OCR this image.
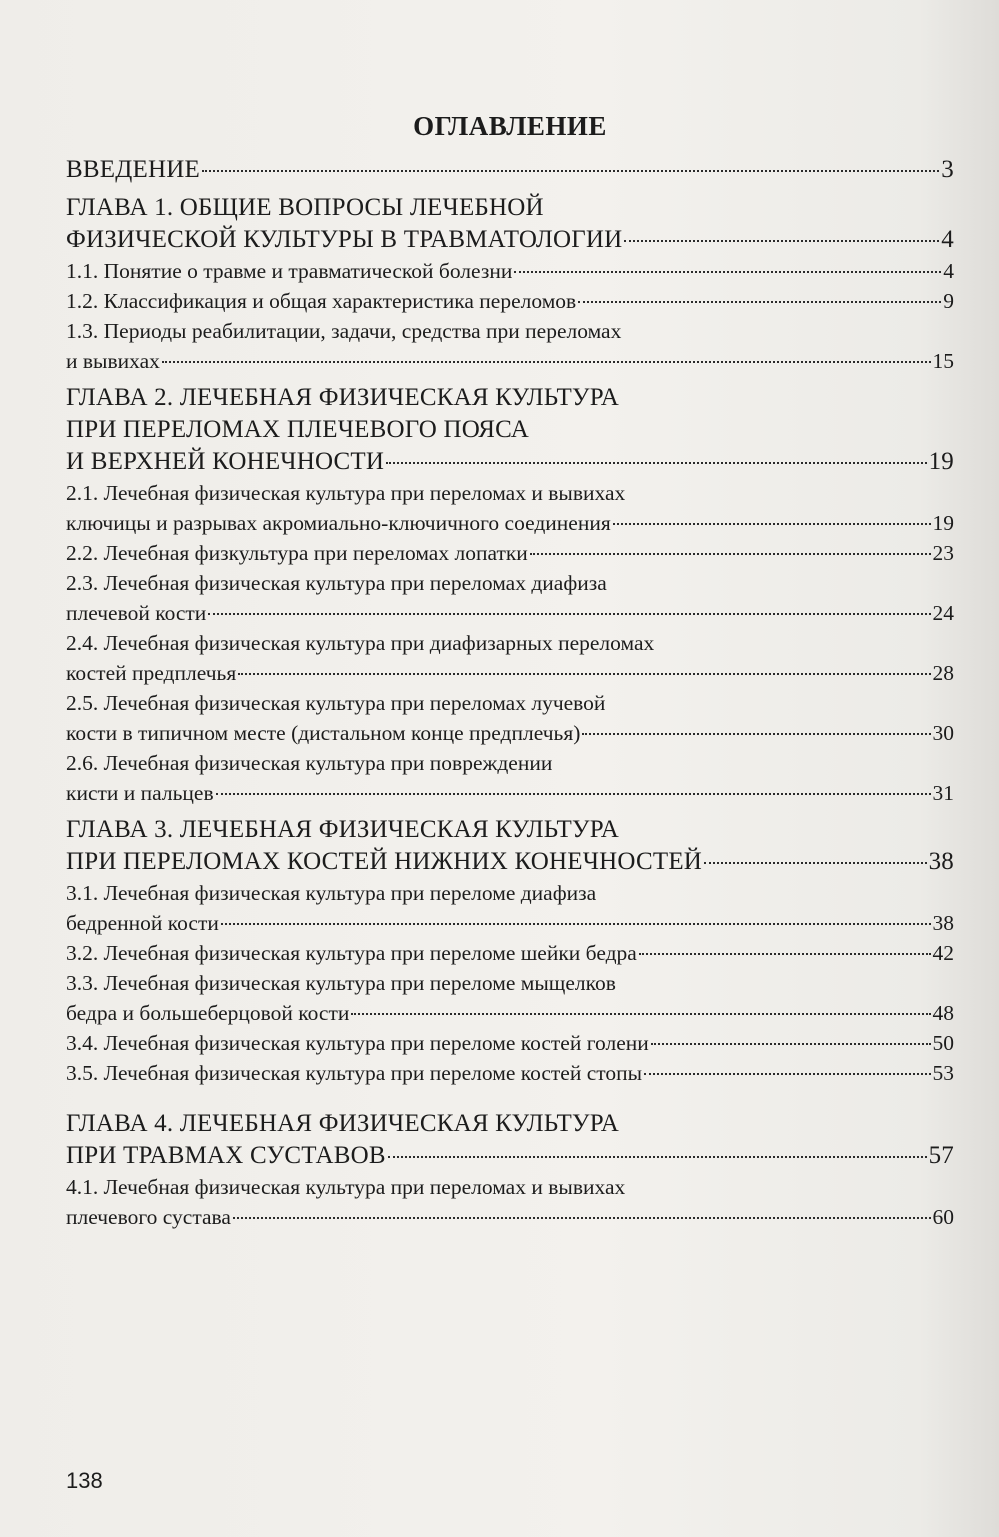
ОГЛАВЛЕНИЕ
ВВЕДЕНИЕ	3
ГЛАВА 1. ОБЩИЕ ВОПРОСЫ ЛЕЧЕБНОЙ
ФИЗИЧЕСКОЙ КУЛЬТУРЫ В ТРАВМАТОЛОГИИ	4
1.1. Понятие о травме и травматической болезни	4
1.2. Классификация и общая характеристика переломов	9
1.3. Периоды реабилитации, задачи, средства при переломах
и вывихах	15
ГЛАВА 2. ЛЕЧЕБНАЯ ФИЗИЧЕСКАЯ КУЛЬТУРА
ПРИ ПЕРЕЛОМАХ ПЛЕЧЕВОГО ПОЯСА
И ВЕРХНЕЙ КОНЕЧНОСТИ	19
2.1. Лечебная физическая культура при переломах и вывихах
ключицы и разрывах акромиально-ключичного соединения	19
2.2. Лечебная физкультура при переломах лопатки	23
2.3. Лечебная физическая культура при переломах диафиза
плечевой кости	24
2.4. Лечебная физическая культура при диафизарных переломах
костей предплечья	28
2.5. Лечебная физическая культура при переломах лучевой
кости в типичном месте (дистальном конце предплечья)	30
2.6. Лечебная физическая культура при повреждении
кисти и пальцев	31
ГЛАВА 3. ЛЕЧЕБНАЯ ФИЗИЧЕСКАЯ КУЛЬТУРА
ПРИ ПЕРЕЛОМАХ КОСТЕЙ НИЖНИХ КОНЕЧНОСТЕЙ	38
3.1. Лечебная физическая культура при переломе диафиза
бедренной кости	38
3.2. Лечебная физическая культура при переломе шейки бедра	42
3.3. Лечебная физическая культура при переломе мыщелков
бедра и большеберцовой кости	48
3.4. Лечебная физическая культура при переломе костей голени	50
3.5. Лечебная физическая культура при переломе костей стопы	53
ГЛАВА 4. ЛЕЧЕБНАЯ ФИЗИЧЕСКАЯ КУЛЬТУРА
ПРИ ТРАВМАХ СУСТАВОВ	57
4.1. Лечебная физическая культура при переломах и вывихах
плечевого сустава	60
138
